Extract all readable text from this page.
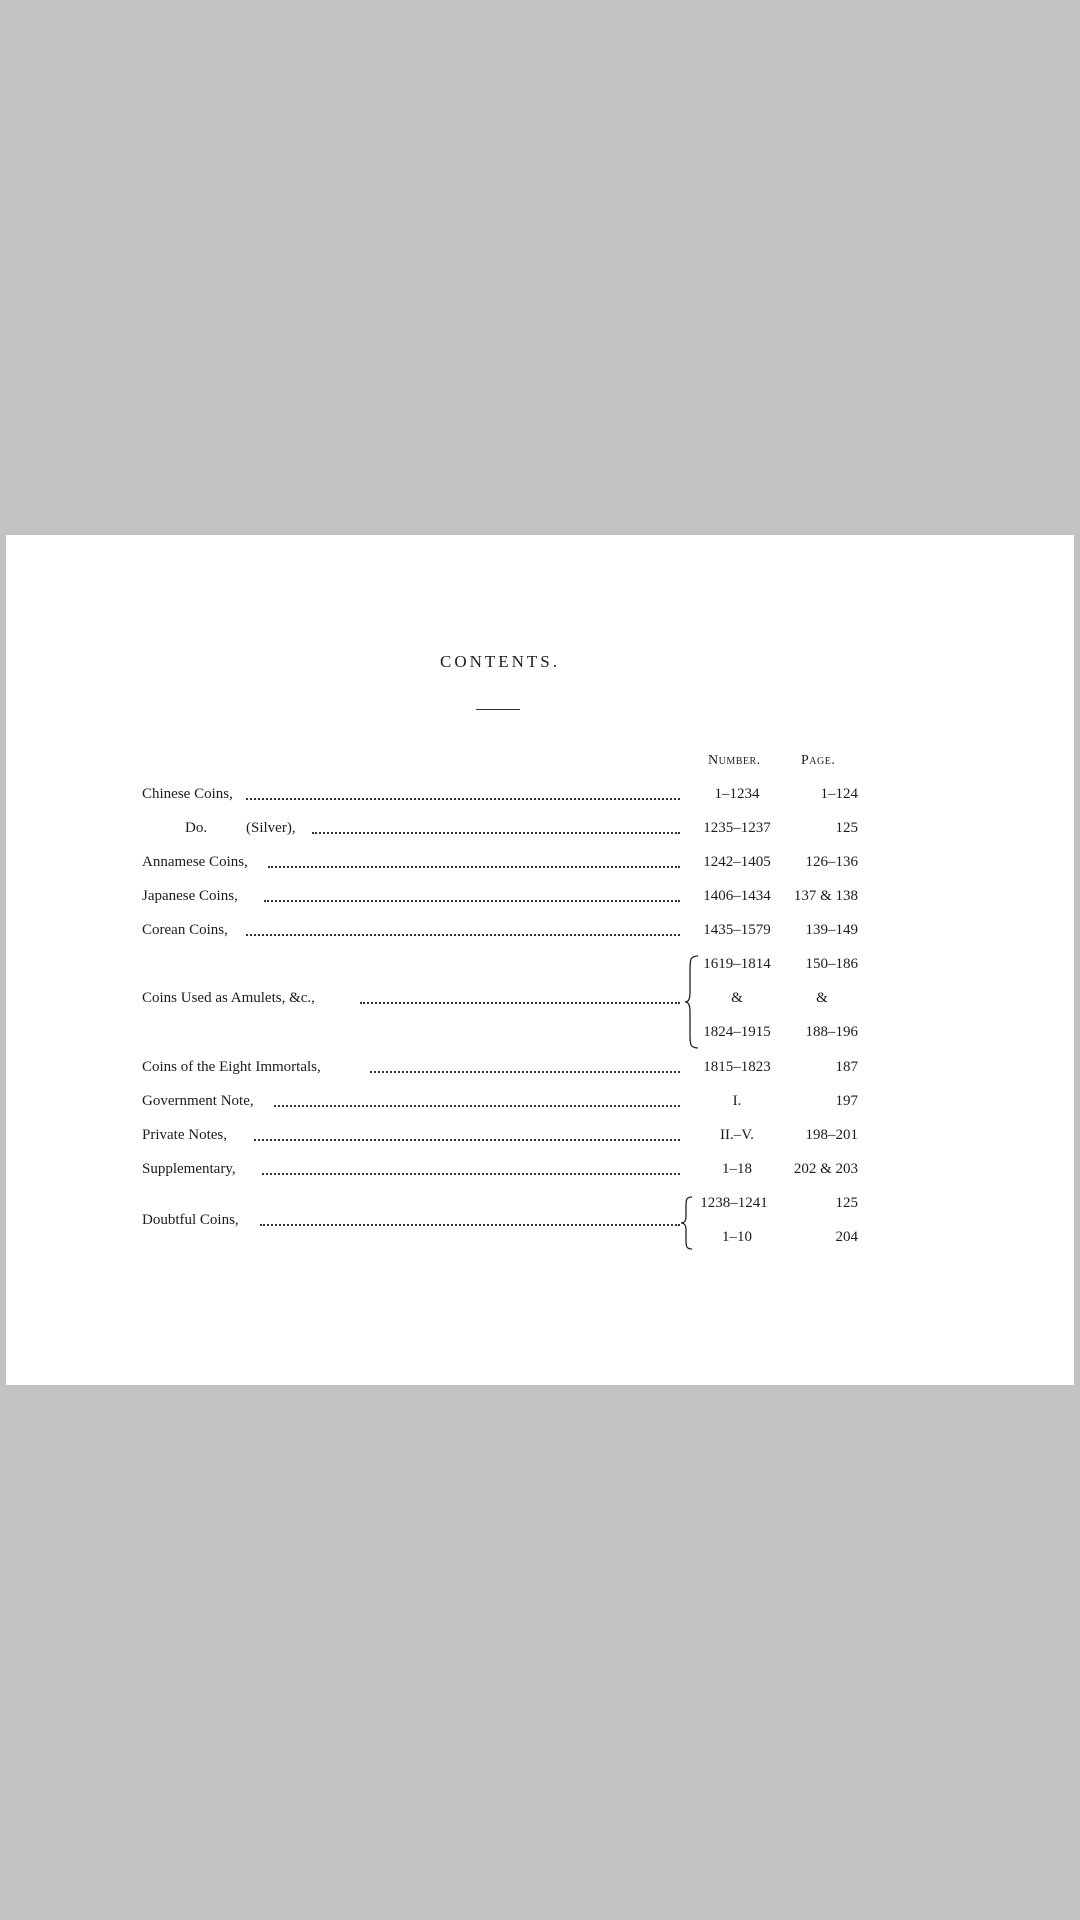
CONTENTS.
Number.	Page.
Chinese Coins,	1–1234	1–124
Do.	(Silver),	1235–1237	125
Annamese Coins,	1242–1405	126–136
Japanese Coins,	1406–1434	137 & 138
Corean Coins,	1435–1579	139–149
Coins Used as Amulets, &c.,
1619–1814	150–186
&	&
1824–1915	188–196
Coins of the Eight Immortals,	1815–1823	187
Government Note,	I.	197
Private Notes,	II.–V.	198–201
Supplementary,	1–18	202 & 203
Doubtful Coins,
1238–1241	125
1–10	204
